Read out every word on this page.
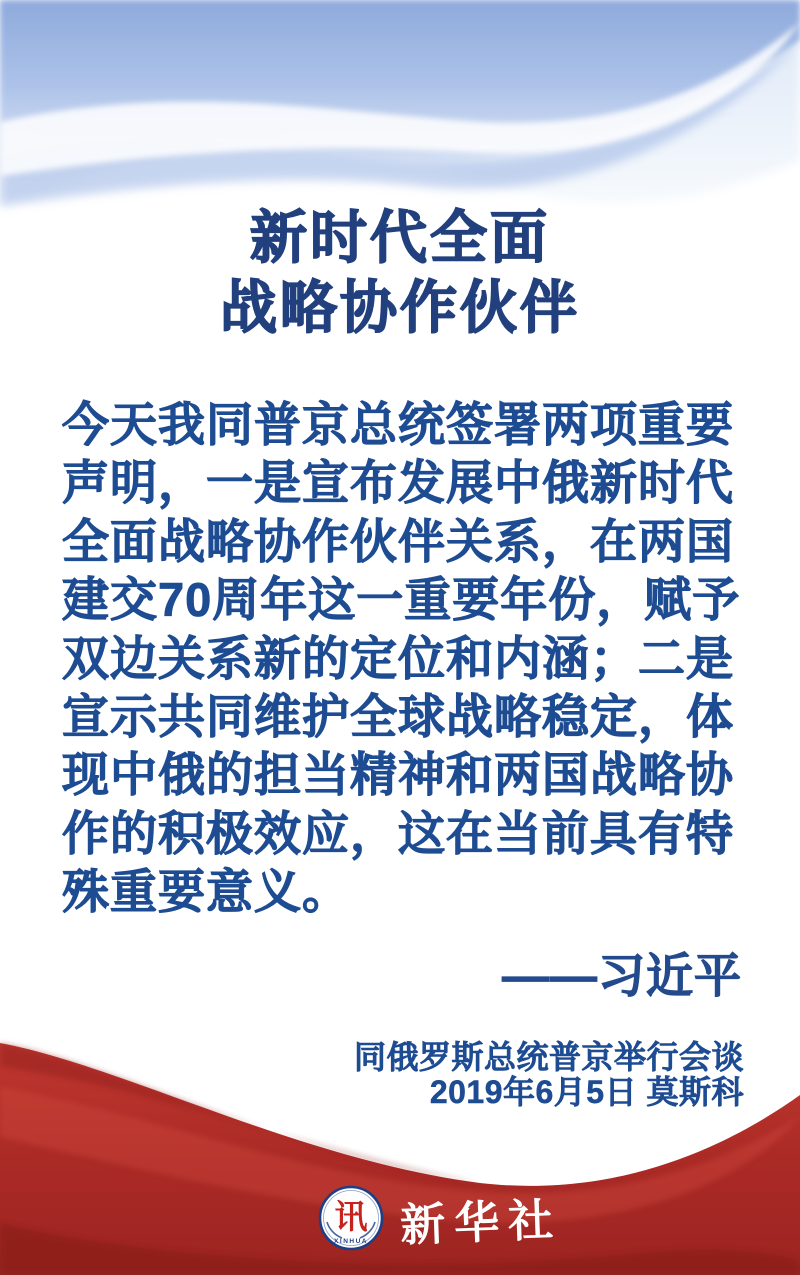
新时代全面
战略协作伙伴
今天我同普京总统签署两项重要
声明，一是宣布发展中俄新时代
全面战略协作伙伴关系，在两国
建交70周年这一重要年份，赋予
双边关系新的定位和内涵；二是
宣示共同维护全球战略稳定，体
现中俄的担当精神和两国战略协
作的积极效应，这在当前具有特
殊重要意义。
——习近平
同俄罗斯总统普京举行会谈
2019年6月5日 莫斯科
讯
XINHUA 新华社
